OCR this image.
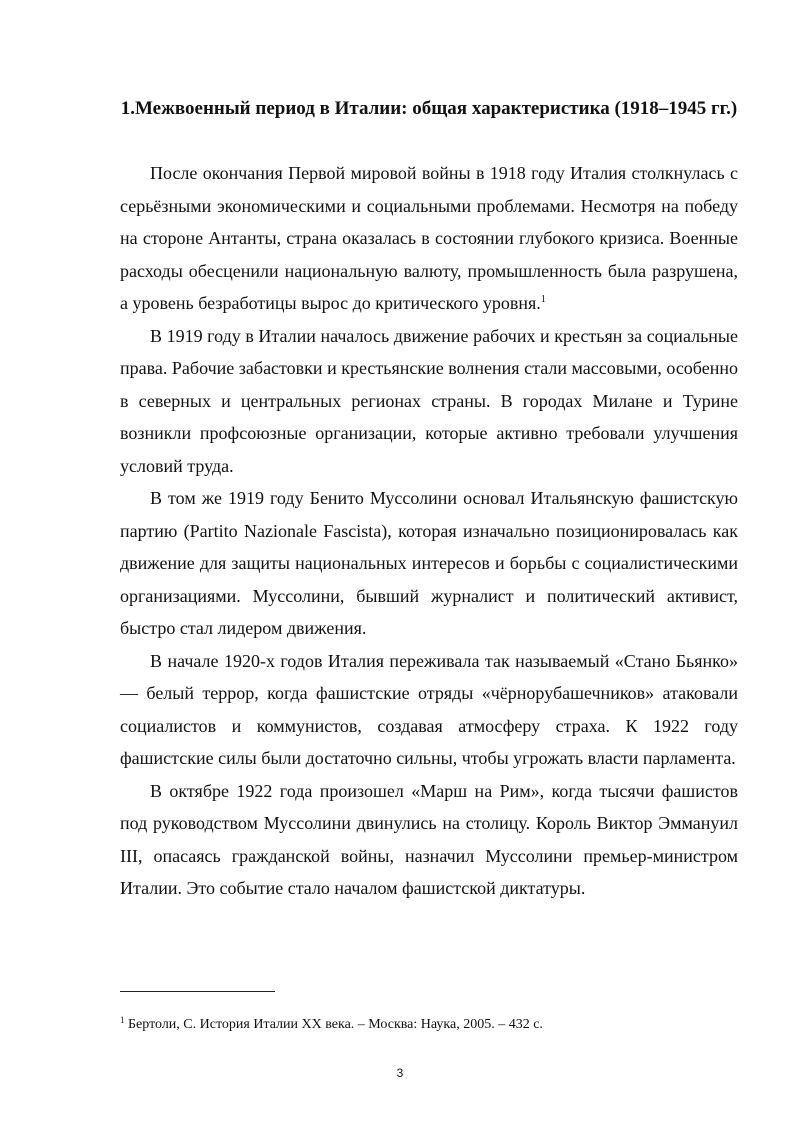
1.Межвоенный период в Италии: общая характеристика (1918–1945 гг.)

После окончания Первой мировой войны в 1918 году Италия столкнулась с серьёзными экономическими и социальными проблемами. Несмотря на победу на стороне Антанты, страна оказалась в состоянии глубокого кризиса. Военные расходы обесценили национальную валюту, промышленность была разрушена, а уровень безработицы вырос до критического уровня.$^1$

В 1919 году в Италии началось движение рабочих и крестьян за социальные права. Рабочие забастовки и крестьянские волнения стали массовыми, особенно в северных и центральных регионах страны. В городах Милане и Турине возникли профсоюзные организации, которые активно требовали улучшения условий труда.

В том же 1919 году Бенито Муссолини основал Итальянскую фашистскую партию (Partito Nazionale Fascista), которая изначально позиционировалась как движение для защиты национальных интересов и борьбы с социалистическими организациями. Муссолини, бывший журналист и политический активист, быстро стал лидером движения.

В начале 1920-х годов Италия переживала так называемый «Стано Бьянко» — белый террор, когда фашистские отряды «чёрнорубашечников» атаковали социалистов и коммунистов, создавая атмосферу страха. К 1922 году фашистские силы были достаточно сильны, чтобы угрожать власти парламента.

В октябре 1922 года произошел «Марш на Рим», когда тысячи фашистов под руководством Муссолини двинулись на столицу. Король Виктор Эммануил III, опасаясь гражданской войны, назначил Муссолини премьер-министром Италии. Это событие стало началом фашистской диктатуры.

$^1$ Бертоли, С. История Италии XX века. – Москва: Наука, 2005. – 432 с.

3
